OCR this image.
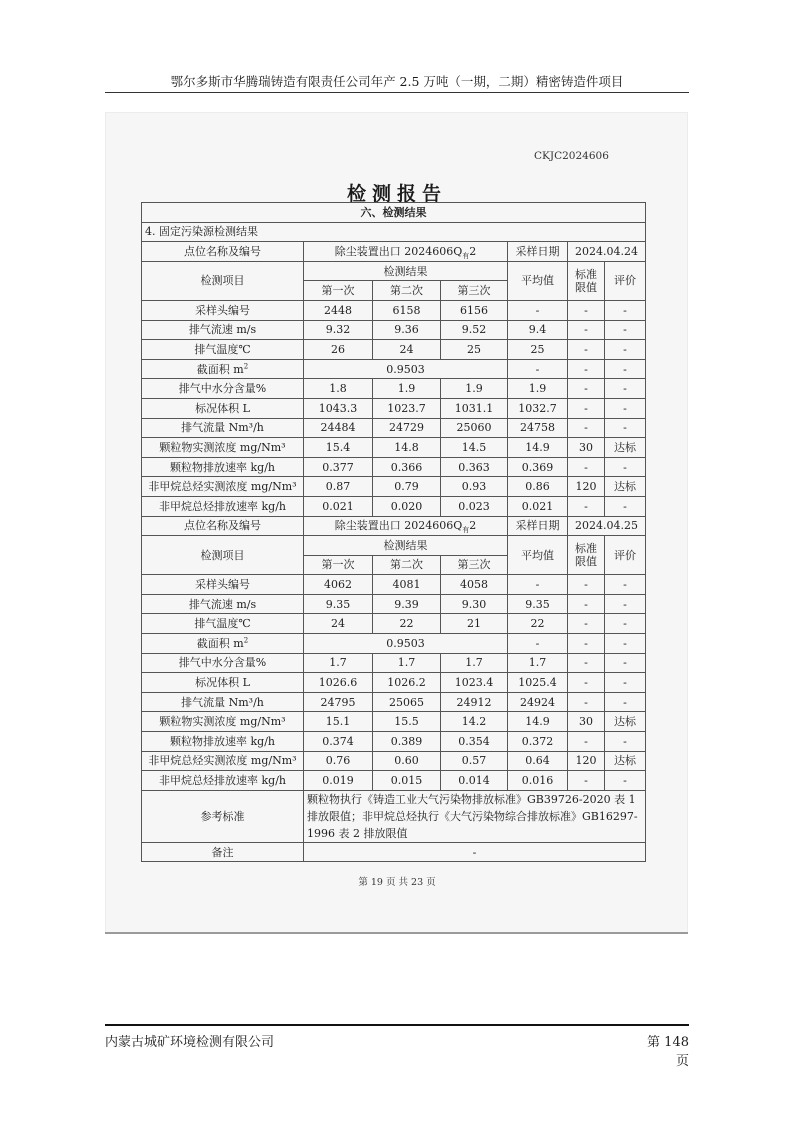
鄂尔多斯市华腾瑞铸造有限责任公司年产 2.5 万吨（一期，二期）精密铸造件项目
CKJC2024606
检测报告
六、检测结果						
4. 固定污染源检测结果						
点位名称及编号	除尘装置出口 $2024606Q_有2$			采样日期	2024.04.24	
检测项目	检测结果			平均值	标准限值	评价
	第一次	第二次	第三次			
采样头编号	2448	6158	6156	-	-	-
排气流速 m/s	9.32	9.36	9.52	9.4	-	-
排气温度℃	26	24	25	25	-	-
截面积 $m^2$	0.9503			-	-	-
排气中水分含量%	1.8	1.9	1.9	1.9	-	-
标况体积 L	1043.3	1023.7	1031.1	1032.7	-	-
排气流量 Nm³/h	24484	24729	25060	24758	-	-
颗粒物实测浓度 mg/Nm³	15.4	14.8	14.5	14.9	30	达标
颗粒物排放速率 kg/h	0.377	0.366	0.363	0.369	-	-
非甲烷总烃实测浓度 mg/Nm³	0.87	0.79	0.93	0.86	120	达标
非甲烷总烃排放速率 kg/h	0.021	0.020	0.023	0.021	-	-
点位名称及编号	除尘装置出口 $2024606Q_有2$			采样日期	2024.04.25	
检测项目	检测结果			平均值	标准限值	评价
	第一次	第二次	第三次			
采样头编号	4062	4081	4058	-	-	-
排气流速 m/s	9.35	9.39	9.30	9.35	-	-
排气温度℃	24	22	21	22	-	-
截面积 $m^2$	0.9503			-	-	-
排气中水分含量%	1.7	1.7	1.7	1.7	-	-
标况体积 L	1026.6	1026.2	1023.4	1025.4	-	-
排气流量 Nm³/h	24795	25065	24912	24924	-	-
颗粒物实测浓度 mg/Nm³	15.1	15.5	14.2	14.9	30	达标
颗粒物排放速率 kg/h	0.374	0.389	0.354	0.372	-	-
非甲烷总烃实测浓度 mg/Nm³	0.76	0.60	0.57	0.64	120	达标
非甲烷总烃排放速率 kg/h	0.019	0.015	0.014	0.016	-	-
参考标准	颗粒物执行《铸造工业大气污染物排放标准》GB39726-2020 表 1 排放限值；非甲烷总烃执行《大气污染物综合排放标准》GB16297-1996 表 2 排放限值					
备注	-					
第 19 页 共 23 页
内蒙古城矿环境检测有限公司	第 148 页
